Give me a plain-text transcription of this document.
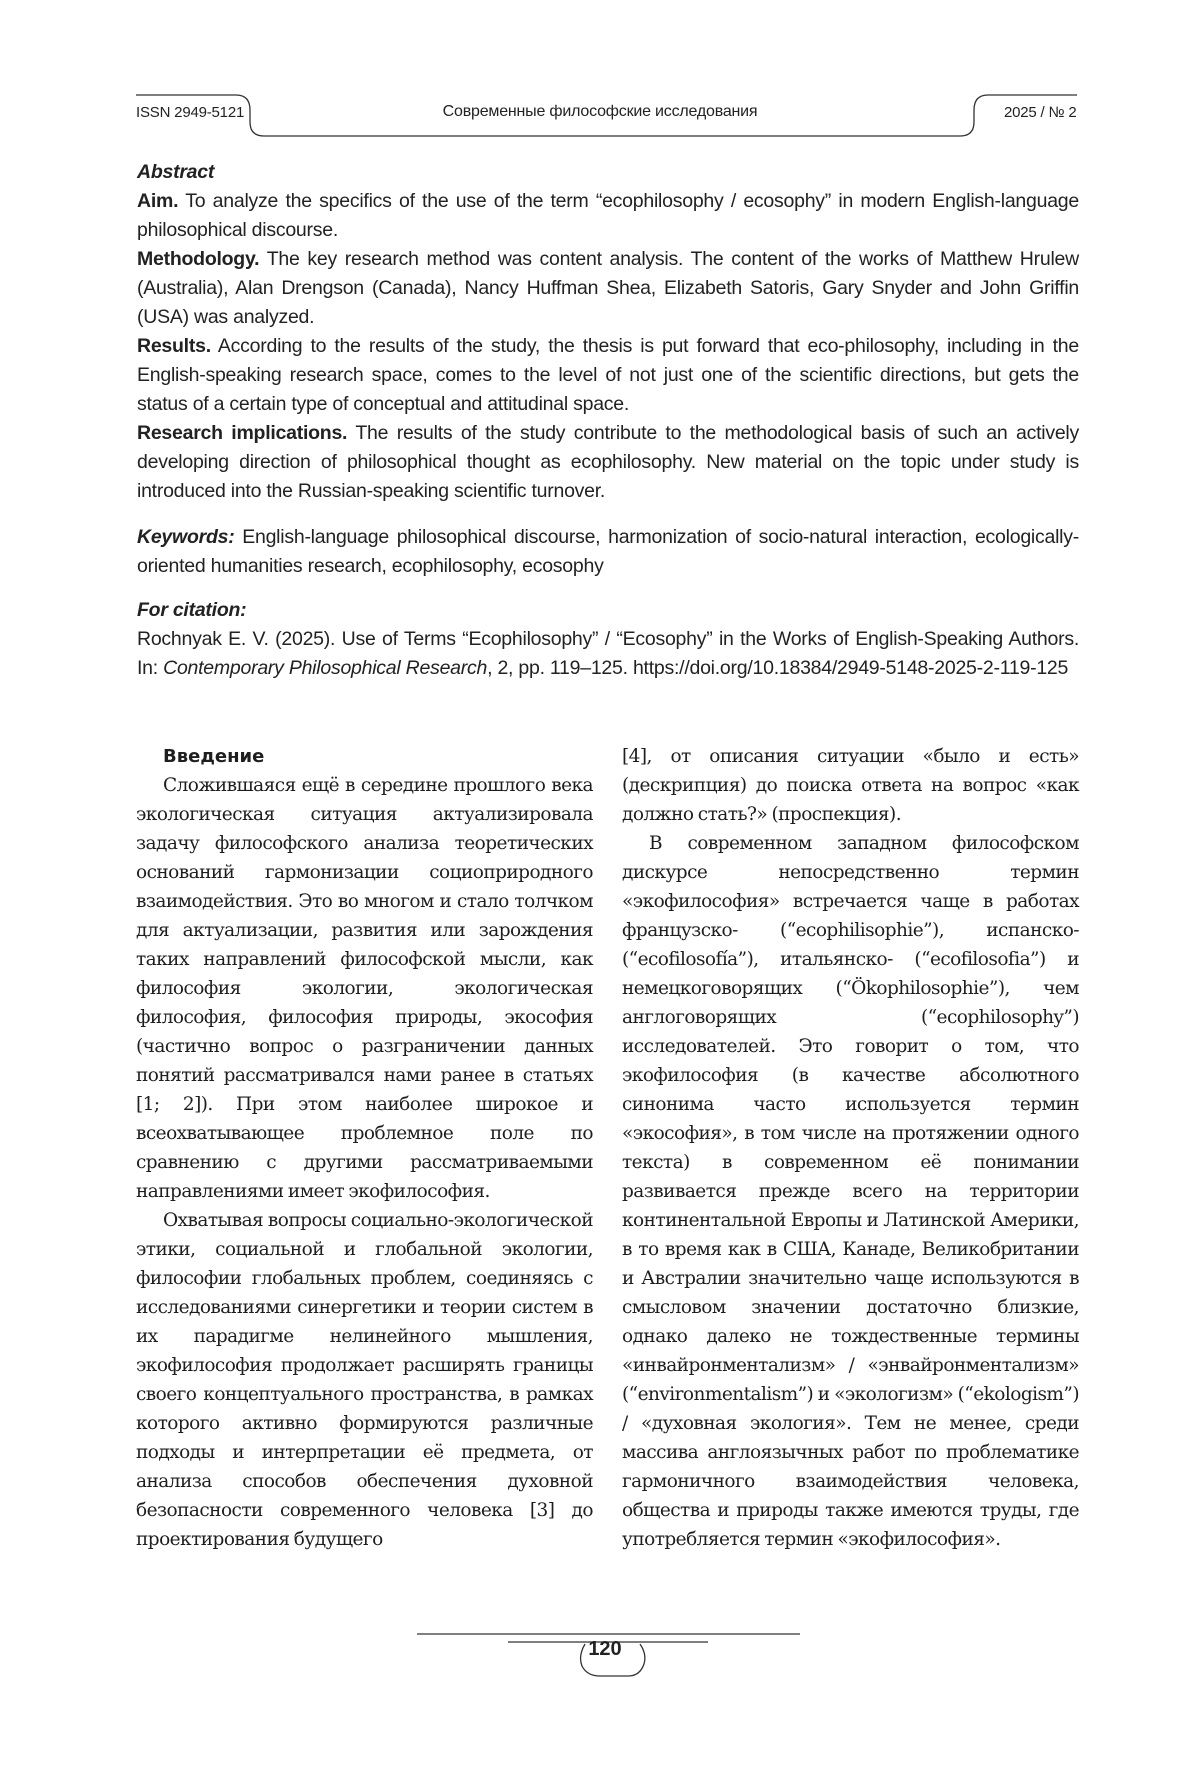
ISSN 2949-5121	Современные философские исследования	2025 / № 2

Abstract

Aim. To analyze the specifics of the use of the term “ecophilosophy / ecosophy” in modern English-language philosophical discourse.

Methodology. The key research method was content analysis. The content of the works of Matthew Hrulew (Australia), Alan Drengson (Canada), Nancy Huffman Shea, Elizabeth Satoris, Gary Snyder and John Griffin (USA) was analyzed.

Results. According to the results of the study, the thesis is put forward that eco-philosophy, including in the English-speaking research space, comes to the level of not just one of the scientific directions, but gets the status of a certain type of conceptual and attitudinal space.

Research implications. The results of the study contribute to the methodological basis of such an actively developing direction of philosophical thought as ecophilosophy. New material on the topic under study is introduced into the Russian-speaking scientific turnover.

Keywords: English-language philosophical discourse, harmonization of socio-natural interaction, ecologically-oriented humanities research, ecophilosophy, ecosophy

For citation:

Rochnyak E. V. (2025). Use of Terms “Ecophilosophy” / “Ecosophy” in the Works of English-Speaking Authors. In: Contemporary Philosophical Research, 2, pp. 119–125. https://doi.org/10.18384/2949-5148-2025-2-119-125

Введение

Сложившаяся ещё в середине прошлого века экологическая ситуация актуализировала задачу философского анализа теоретических оснований гармонизации социоприродного взаимодействия. Это во многом и стало толчком для актуализации, развития или зарождения таких направлений философской мысли, как философия экологии, экологическая философия, философия природы, экософия (частично вопрос о разграничении данных понятий рассматривался нами ранее в статьях [1; 2]). При этом наиболее широкое и всеохватывающее проблемное поле по сравнению с другими рассматриваемыми направлениями имеет экофилософия.

Охватывая вопросы социально-экологической этики, социальной и глобальной экологии, философии глобальных проблем, соединяясь с исследованиями синергетики и теории систем в их парадигме нелинейного мышления, экофилософия продолжает расширять границы своего концептуального пространства, в рамках которого активно формируются различные подходы и интерпретации её предмета, от анализа способов обеспечения духовной безопасности современного человека [3] до проектирования будущего

[4], от описания ситуации «было и есть» (дескрипция) до поиска ответа на вопрос «как должно стать?» (проспекция).

В современном западном философском дискурсе непосредственно термин «экофилософия» встречается чаще в работах французско- (“ecophilisophie”), испанско- (“ecofilosofía”), итальянско- (“ecofilosofia”) и немецкоговорящих (“Ökophilosophie”), чем англоговорящих (“ecophilosophy”) исследователей. Это говорит о том, что экофилософия (в качестве абсолютного синонима часто используется термин «экософия», в том числе на протяжении одного текста) в современном её понимании развивается прежде всего на территории континентальной Европы и Латинской Америки, в то время как в США, Канаде, Великобритании и Австралии значительно чаще используются в смысловом значении достаточно близкие, однако далеко не тождественные термины «инвайронментализм» / «энвайронментализм» (“environmentalism”) и «экологизм» (“ekologism”) / «духовная экология». Тем не менее, среди массива англоязычных работ по проблематике гармоничного взаимодействия человека, общества и природы также имеются труды, где употребляется термин «экофилософия».

120
